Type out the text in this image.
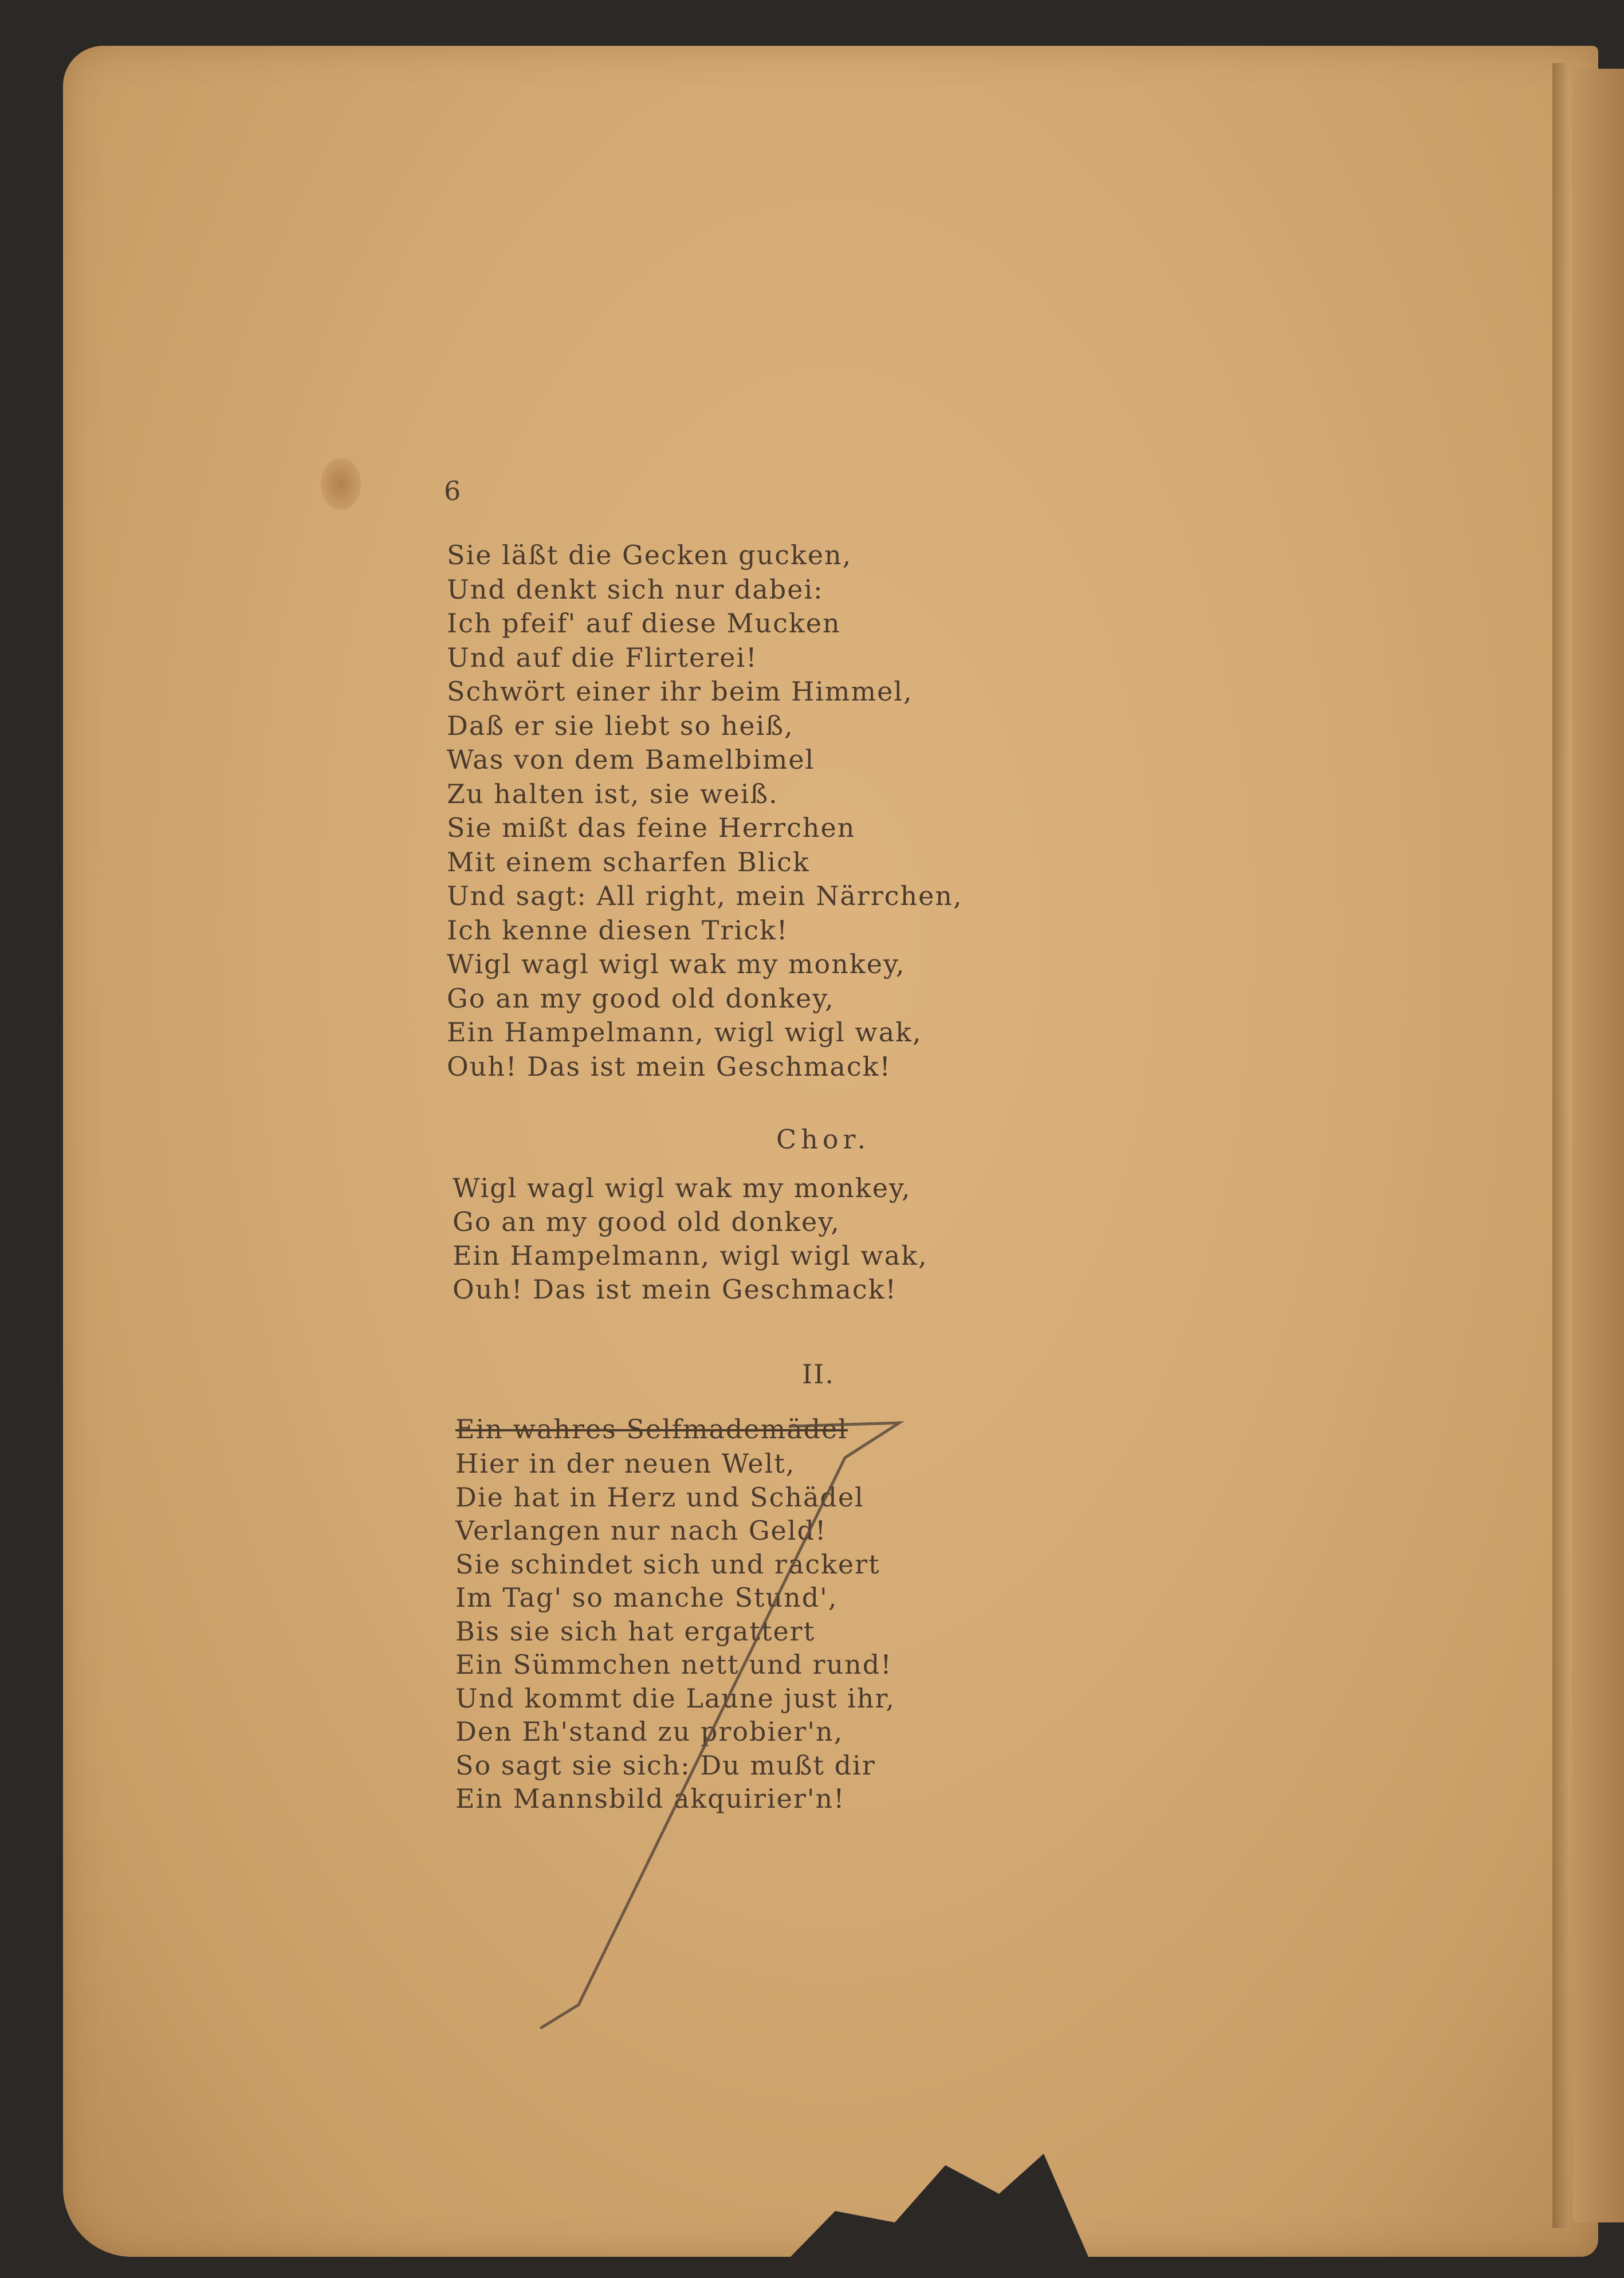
6
Sie läßt die Gecken gucken,
Und denkt sich nur dabei:
Ich pfeif' auf diese Mucken
Und auf die Flirterei!
Schwört einer ihr beim Himmel,
Daß er sie liebt so heiß,
Was von dem Bamelbimel
Zu halten ist, sie weiß.
Sie mißt das feine Herrchen
Mit einem scharfen Blick
Und sagt: All right, mein Närrchen,
Ich kenne diesen Trick!
Wigl wagl wigl wak my monkey,
Go an my good old donkey,
Ein Hampelmann, wigl wigl wak,
Ouh! Das ist mein Geschmack!
Chor.
Wigl wagl wigl wak my monkey,
Go an my good old donkey,
Ein Hampelmann, wigl wigl wak,
Ouh! Das ist mein Geschmack!
II.
Ein wahres Selfmademädel
Hier in der neuen Welt,
Die hat in Herz und Schädel
Verlangen nur nach Geld!
Sie schindet sich und rackert
Im Tag' so manche Stund',
Bis sie sich hat ergattert
Ein Sümmchen nett und rund!
Und kommt die Laune just ihr,
Den Eh'stand zu probier'n,
So sagt sie sich: Du mußt dir
Ein Mannsbild akquirier'n!
